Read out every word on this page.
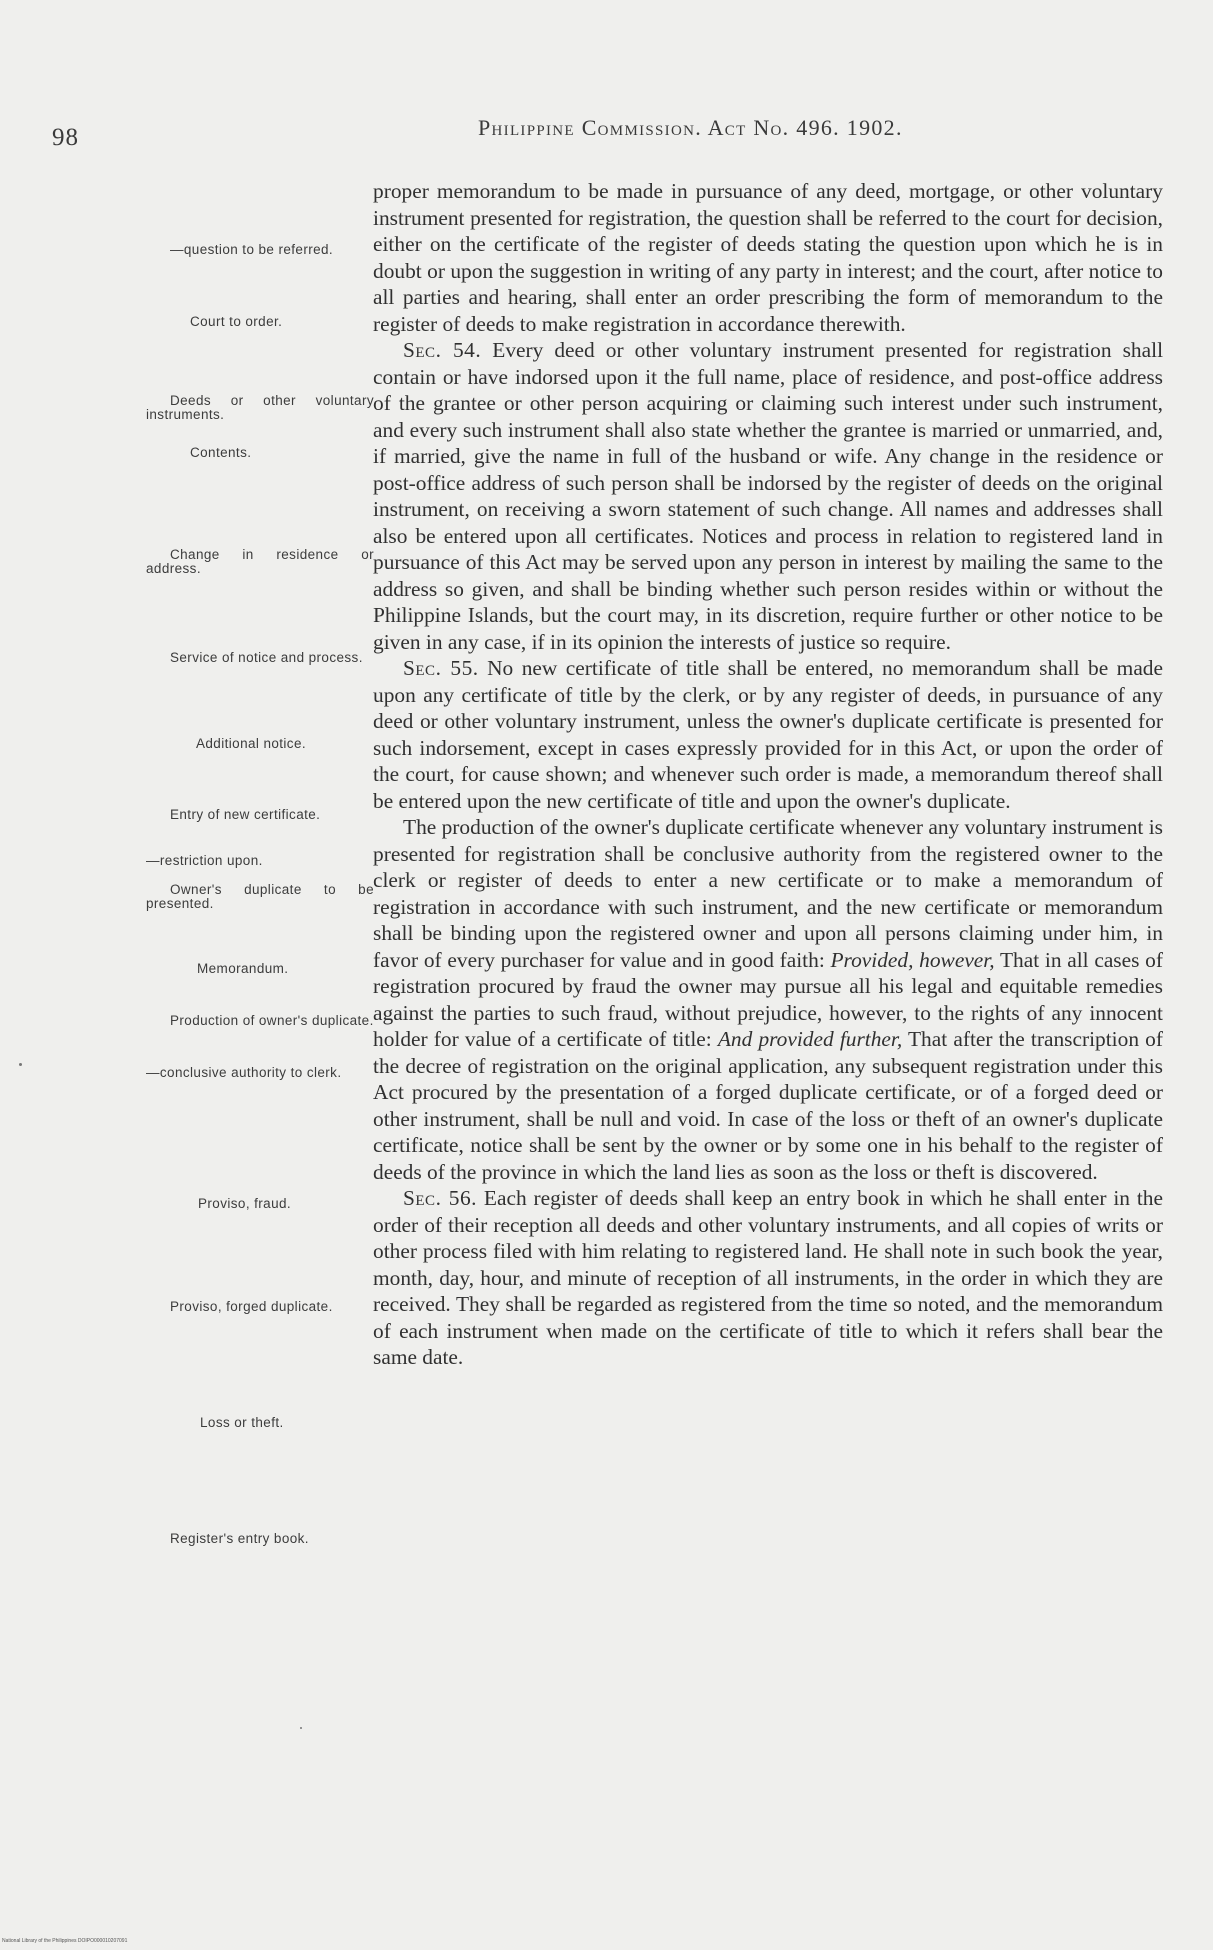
98	Philippine Commission. Act No. 496. 1902.
—question to be referred.
Court to order.
Deeds or other voluntary instruments.
Contents.
Change in residence or address.
Service of notice and process.
Additional notice.
Entry of new certificate.
—restriction upon.
Owner's duplicate to be presented.
Memorandum.
Production of owner's duplicate.
—conclusive authority to clerk.
Proviso, fraud.
Proviso, forged duplicate.
Loss or theft.
Register's entry book.

proper memorandum to be made in pursuance of any deed, mortgage, or other voluntary instrument presented for registration, the question shall be referred to the court for decision, either on the certificate of the register of deeds stating the question upon which he is in doubt or upon the suggestion in writing of any party in interest; and the court, after notice to all parties and hearing, shall enter an order prescribing the form of memorandum to the register of deeds to make registration in accordance therewith.

Sec. 54. Every deed or other voluntary instrument presented for registration shall contain or have indorsed upon it the full name, place of residence, and post-office address of the grantee or other person acquiring or claiming such interest under such instrument, and every such instrument shall also state whether the grantee is married or unmarried, and, if married, give the name in full of the husband or wife. Any change in the residence or post-office address of such person shall be indorsed by the register of deeds on the original instrument, on receiving a sworn statement of such change. All names and addresses shall also be entered upon all certificates. Notices and process in relation to registered land in pursuance of this Act may be served upon any person in interest by mailing the same to the address so given, and shall be binding whether such person resides within or without the Philippine Islands, but the court may, in its discretion, require further or other notice to be given in any case, if in its opinion the interests of justice so require.

Sec. 55. No new certificate of title shall be entered, no memorandum shall be made upon any certificate of title by the clerk, or by any register of deeds, in pursuance of any deed or other voluntary instrument, unless the owner's duplicate certificate is presented for such indorsement, except in cases expressly provided for in this Act, or upon the order of the court, for cause shown; and whenever such order is made, a memorandum thereof shall be entered upon the new certificate of title and upon the owner's duplicate.

The production of the owner's duplicate certificate whenever any voluntary instrument is presented for registration shall be conclusive authority from the registered owner to the clerk or register of deeds to enter a new certificate or to make a memorandum of registration in accordance with such instrument, and the new certificate or memorandum shall be binding upon the registered owner and upon all persons claiming under him, in favor of every purchaser for value and in good faith: Provided, however, That in all cases of registration procured by fraud the owner may pursue all his legal and equitable remedies against the parties to such fraud, without prejudice, however, to the rights of any innocent holder for value of a certificate of title: And provided further, That after the transcription of the decree of registration on the original application, any subsequent registration under this Act procured by the presentation of a forged duplicate certificate, or of a forged deed or other instrument, shall be null and void. In case of the loss or theft of an owner's duplicate certificate, notice shall be sent by the owner or by some one in his behalf to the register of deeds of the province in which the land lies as soon as the loss or theft is discovered.

Sec. 56. Each register of deeds shall keep an entry book in which he shall enter in the order of their reception all deeds and other voluntary instruments, and all copies of writs or other process filed with him relating to registered land. He shall note in such book the year, month, day, hour, and minute of reception of all instruments, in the order in which they are received. They shall be regarded as registered from the time so noted, and the memorandum of each instrument when made on the certificate of title to which it refers shall bear the same date.

National Library of the Philippines DOIPO000010207091
